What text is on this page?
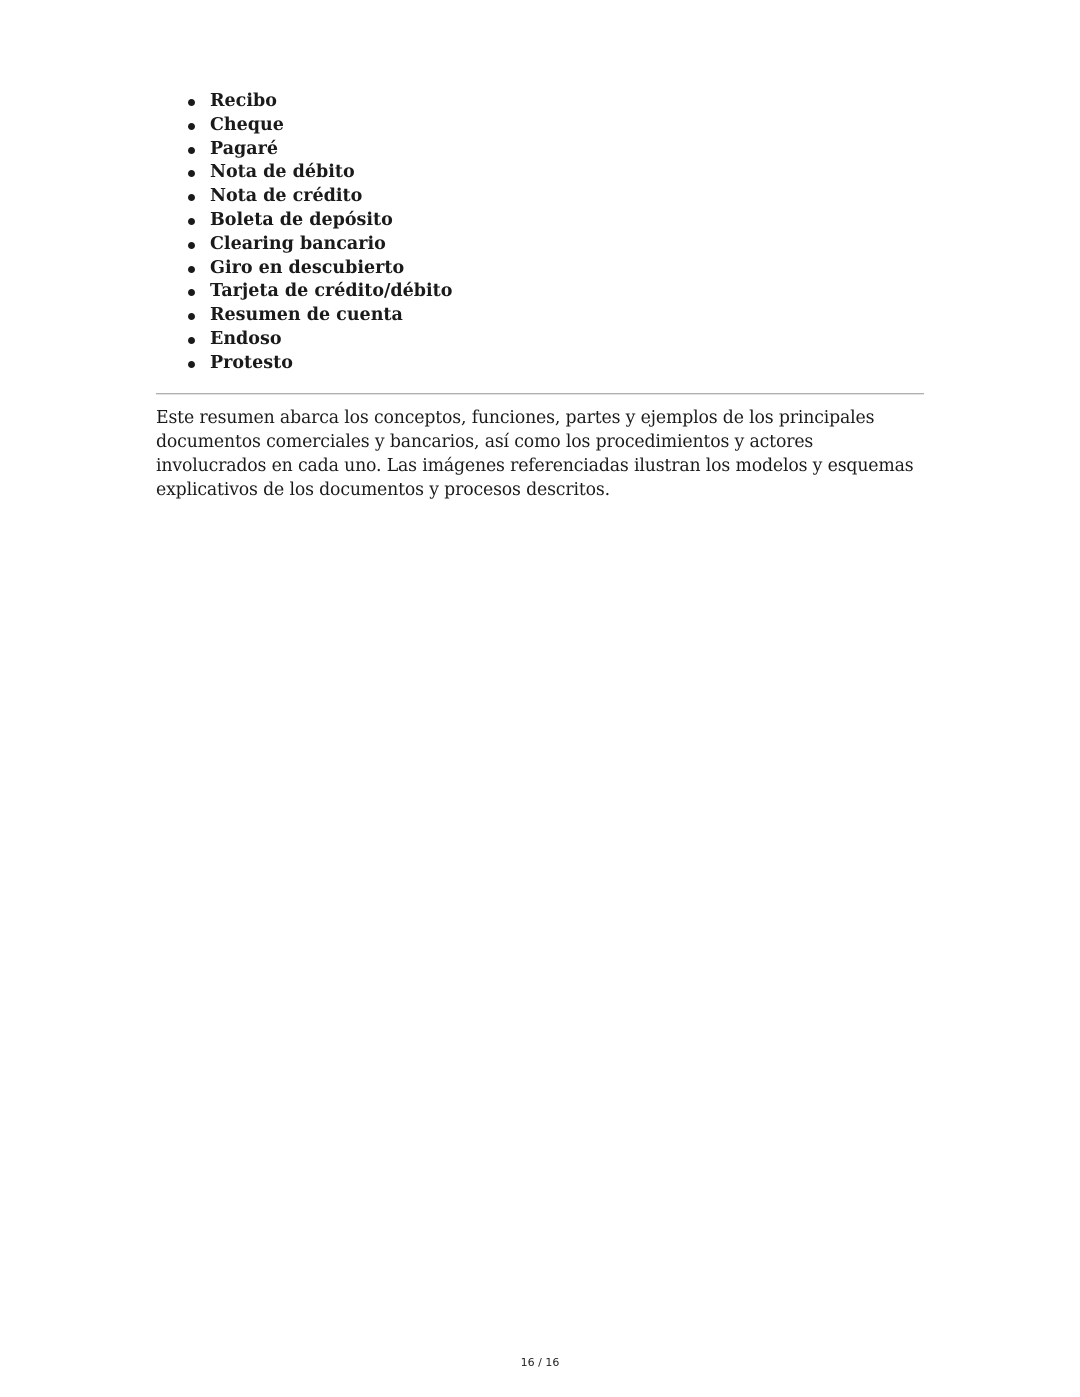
Recibo
Cheque
Pagaré
Nota de débito
Nota de crédito
Boleta de depósito
Clearing bancario
Giro en descubierto
Tarjeta de crédito/débito
Resumen de cuenta
Endoso
Protesto

Este resumen abarca los conceptos, funciones, partes y ejemplos de los principales documentos comerciales y bancarios, así como los procedimientos y actores involucrados en cada uno. Las imágenes referenciadas ilustran los modelos y esquemas explicativos de los documentos y procesos descritos.

16 / 16
